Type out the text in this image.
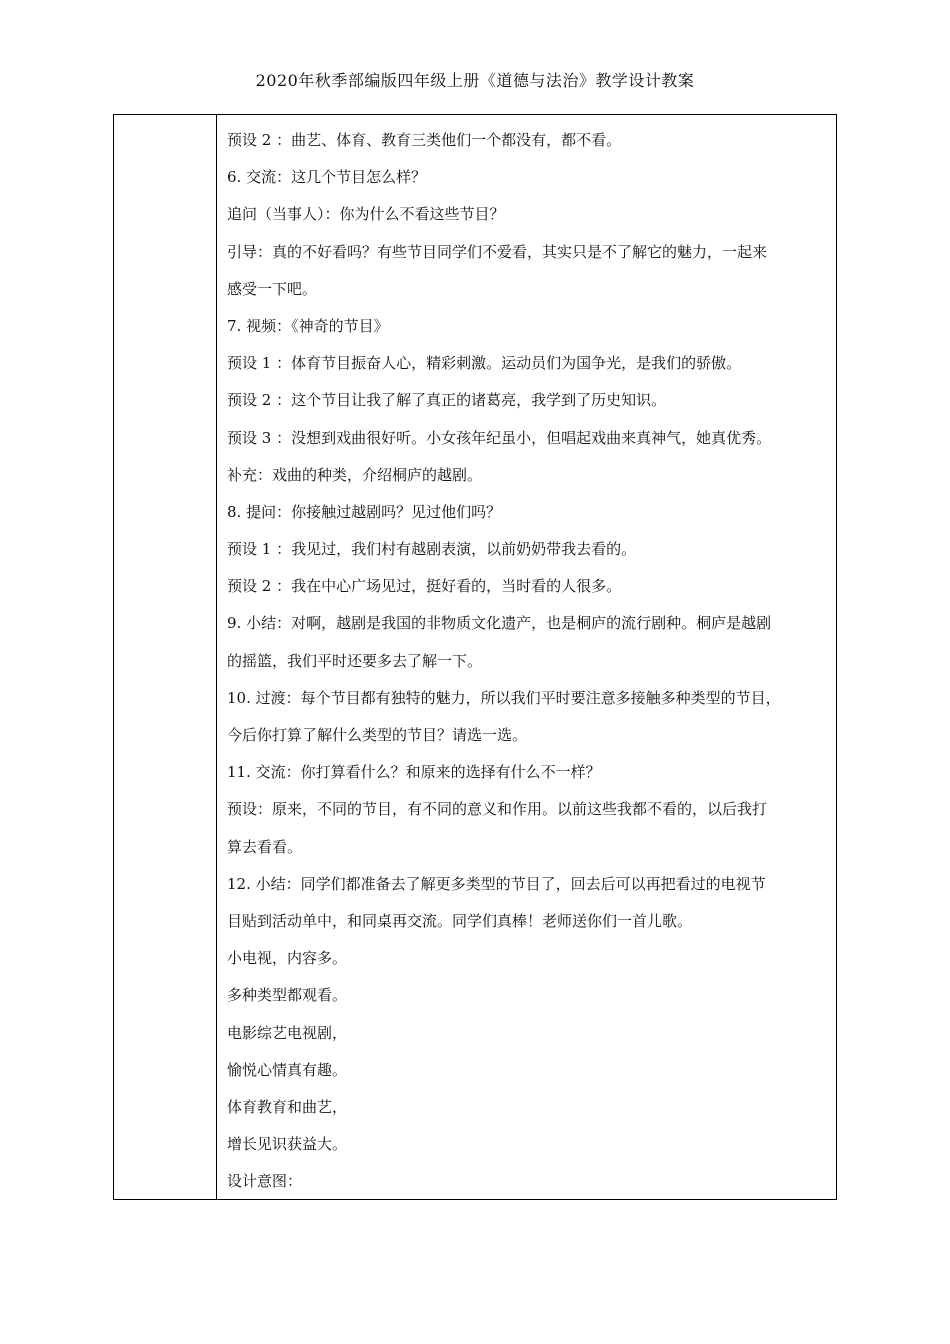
2020年秋季部编版四年级上册《道德与法治》教学设计教案
预设 2 ：曲艺、体育、教育三类他们一个都没有，都不看。
6. 交流：这几个节目怎么样？
追问（当事人）：你为什么不看这些节目？
引导：真的不好看吗？有些节目同学们不爱看，其实只是不了解它的魅力，一起来
感受一下吧。
7. 视频：《神奇的节目》
预设 1 ：体育节目振奋人心，精彩刺激。运动员们为国争光，是我们的骄傲。
预设 2 ：这个节目让我了解了真正的诸葛亮，我学到了历史知识。
预设 3 ：没想到戏曲很好听。小女孩年纪虽小，但唱起戏曲来真神气，她真优秀。
补充：戏曲的种类，介绍桐庐的越剧。
8. 提问：你接触过越剧吗？见过他们吗？
预设 1 ：我见过，我们村有越剧表演，以前奶奶带我去看的。
预设 2 ：我在中心广场见过，挺好看的，当时看的人很多。
9. 小结：对啊，越剧是我国的非物质文化遗产，也是桐庐的流行剧种。桐庐是越剧
的摇篮，我们平时还要多去了解一下。
10. 过渡：每个节目都有独特的魅力，所以我们平时要注意多接触多种类型的节目，
今后你打算了解什么类型的节目？请选一选。
11. 交流：你打算看什么？和原来的选择有什么不一样？
预设：原来，不同的节目，有不同的意义和作用。以前这些我都不看的，以后我打
算去看看。
12. 小结：同学们都准备去了解更多类型的节目了，回去后可以再把看过的电视节
目贴到活动单中，和同桌再交流。同学们真棒！老师送你们一首儿歌。
小电视，内容多。
多种类型都观看。
电影综艺电视剧，
愉悦心情真有趣。
体育教育和曲艺，
增长见识获益大。
设计意图：
